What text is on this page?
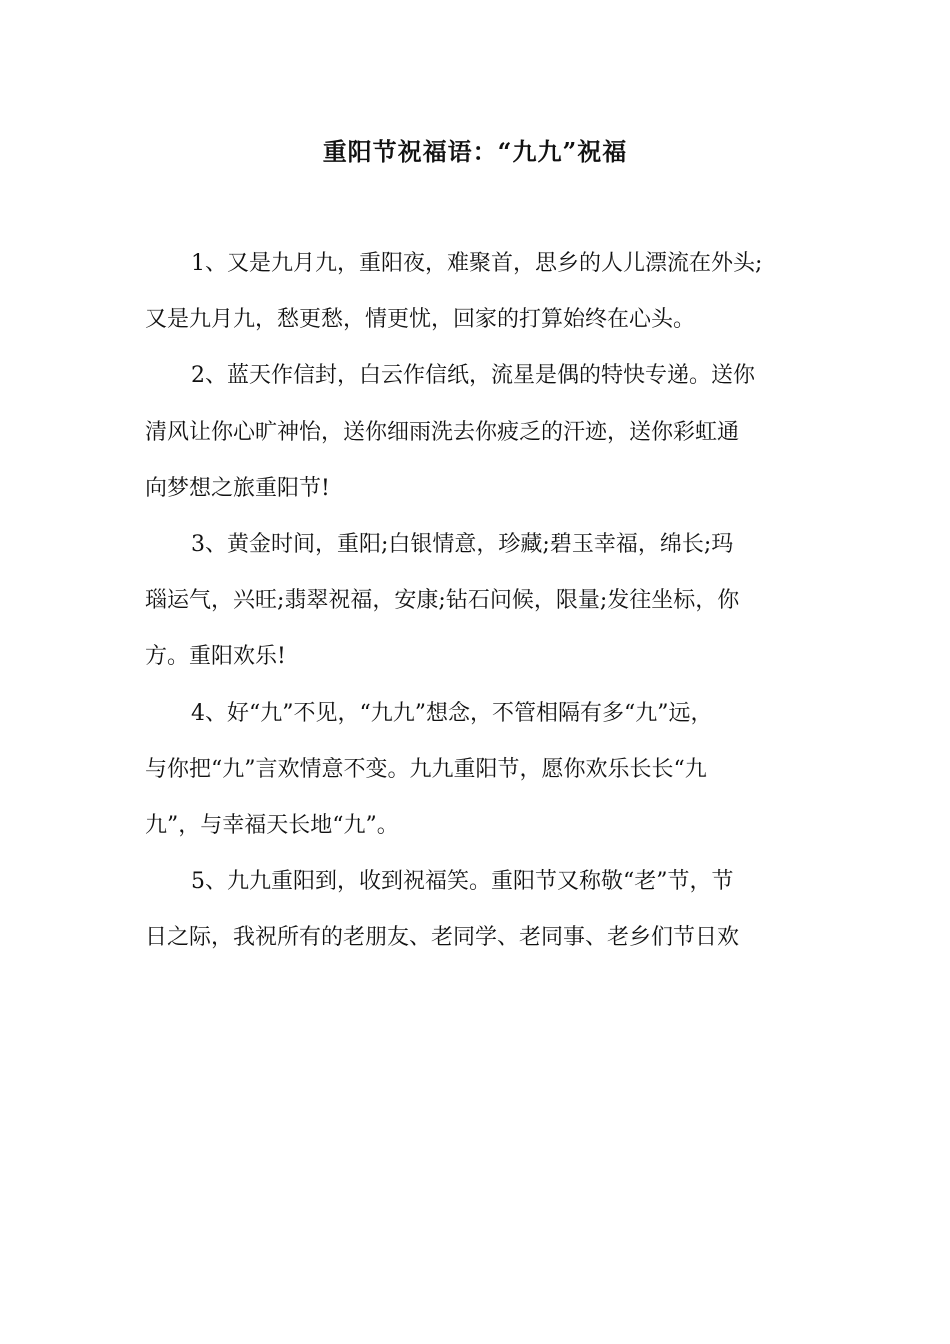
重阳节祝福语：“九九”祝福
1、又是九月九，重阳夜，难聚首，思乡的人儿漂流在外头;
又是九月九，愁更愁，情更忧，回家的打算始终在心头。
2、蓝天作信封，白云作信纸，流星是偶的特快专递。送你
清风让你心旷神怡，送你细雨洗去你疲乏的汗迹，送你彩虹通
向梦想之旅重阳节!
3、黄金时间，重阳;白银情意，珍藏;碧玉幸福，绵长;玛
瑙运气，兴旺;翡翠祝福，安康;钻石问候，限量;发往坐标，你
方。重阳欢乐!
4、好“九”不见，“九九”想念，不管相隔有多“九”远，
与你把“九”言欢情意不变。九九重阳节，愿你欢乐长长“九
九”，与幸福天长地“九”。
5、九九重阳到，收到祝福笑。重阳节又称敬“老”节，节
日之际，我祝所有的老朋友、老同学、老同事、老乡们节日欢
